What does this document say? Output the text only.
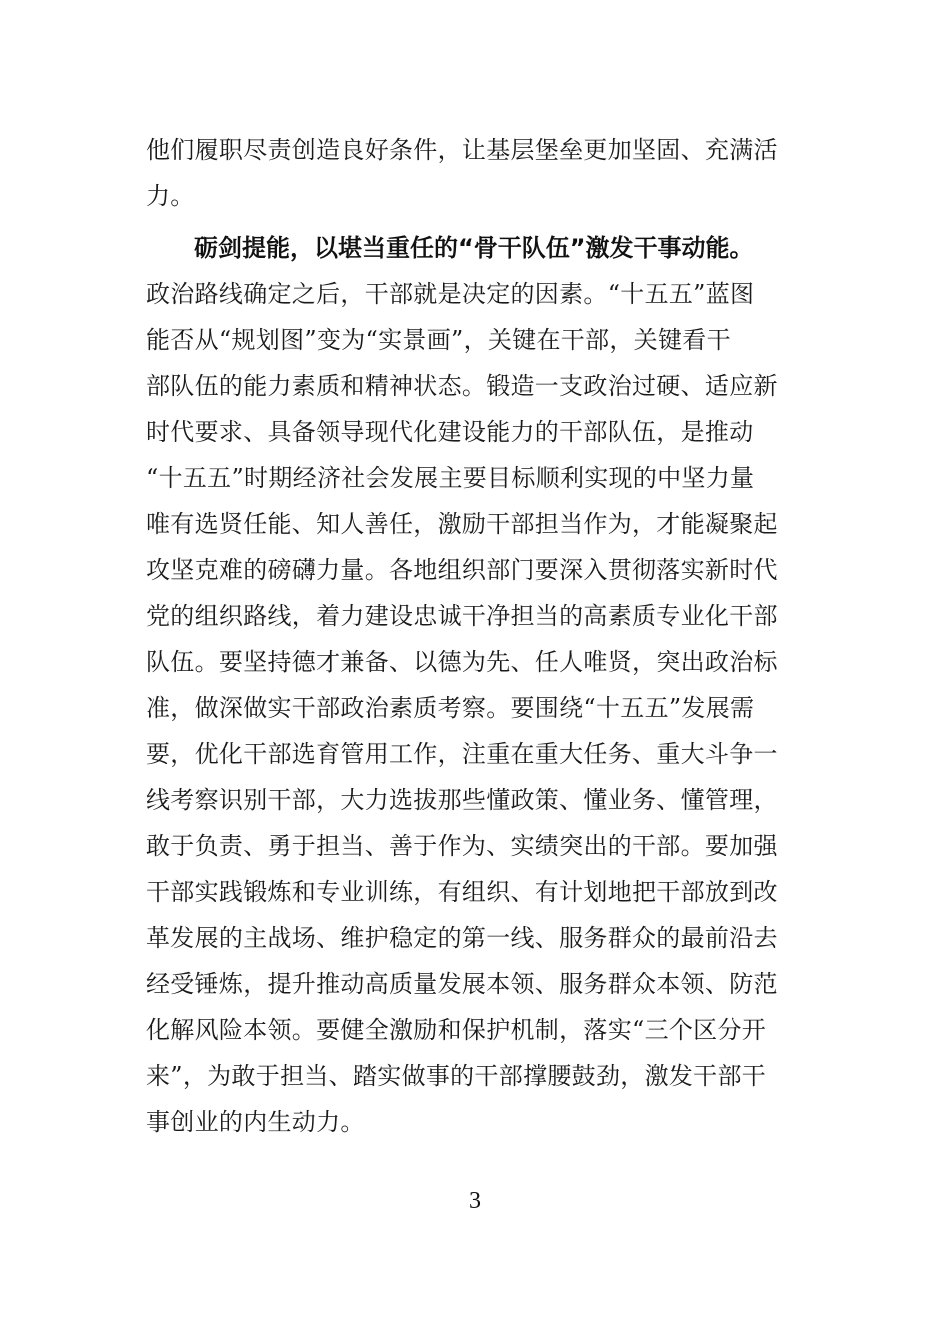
他们履职尽责创造良好条件，让基层堡垒更加坚固、充满活
力。
砺剑提能，以堪当重任的“骨干队伍”激发干事动能。
政治路线确定之后，干部就是决定的因素。“十五五”蓝图
能否从“规划图”变为“实景画”，关键在干部，关键看干
部队伍的能力素质和精神状态。锻造一支政治过硬、适应新
时代要求、具备领导现代化建设能力的干部队伍，是推动
“十五五”时期经济社会发展主要目标顺利实现的中坚力量
唯有选贤任能、知人善任，激励干部担当作为，才能凝聚起
攻坚克难的磅礴力量。各地组织部门要深入贯彻落实新时代
党的组织路线，着力建设忠诚干净担当的高素质专业化干部
队伍。要坚持德才兼备、以德为先、任人唯贤，突出政治标
准，做深做实干部政治素质考察。要围绕“十五五”发展需
要，优化干部选育管用工作，注重在重大任务、重大斗争一
线考察识别干部，大力选拔那些懂政策、懂业务、懂管理，
敢于负责、勇于担当、善于作为、实绩突出的干部。要加强
干部实践锻炼和专业训练，有组织、有计划地把干部放到改
革发展的主战场、维护稳定的第一线、服务群众的最前沿去
经受锤炼，提升推动高质量发展本领、服务群众本领、防范
化解风险本领。要健全激励和保护机制，落实“三个区分开
来”，为敢于担当、踏实做事的干部撑腰鼓劲，激发干部干
事创业的内生动力。
3
